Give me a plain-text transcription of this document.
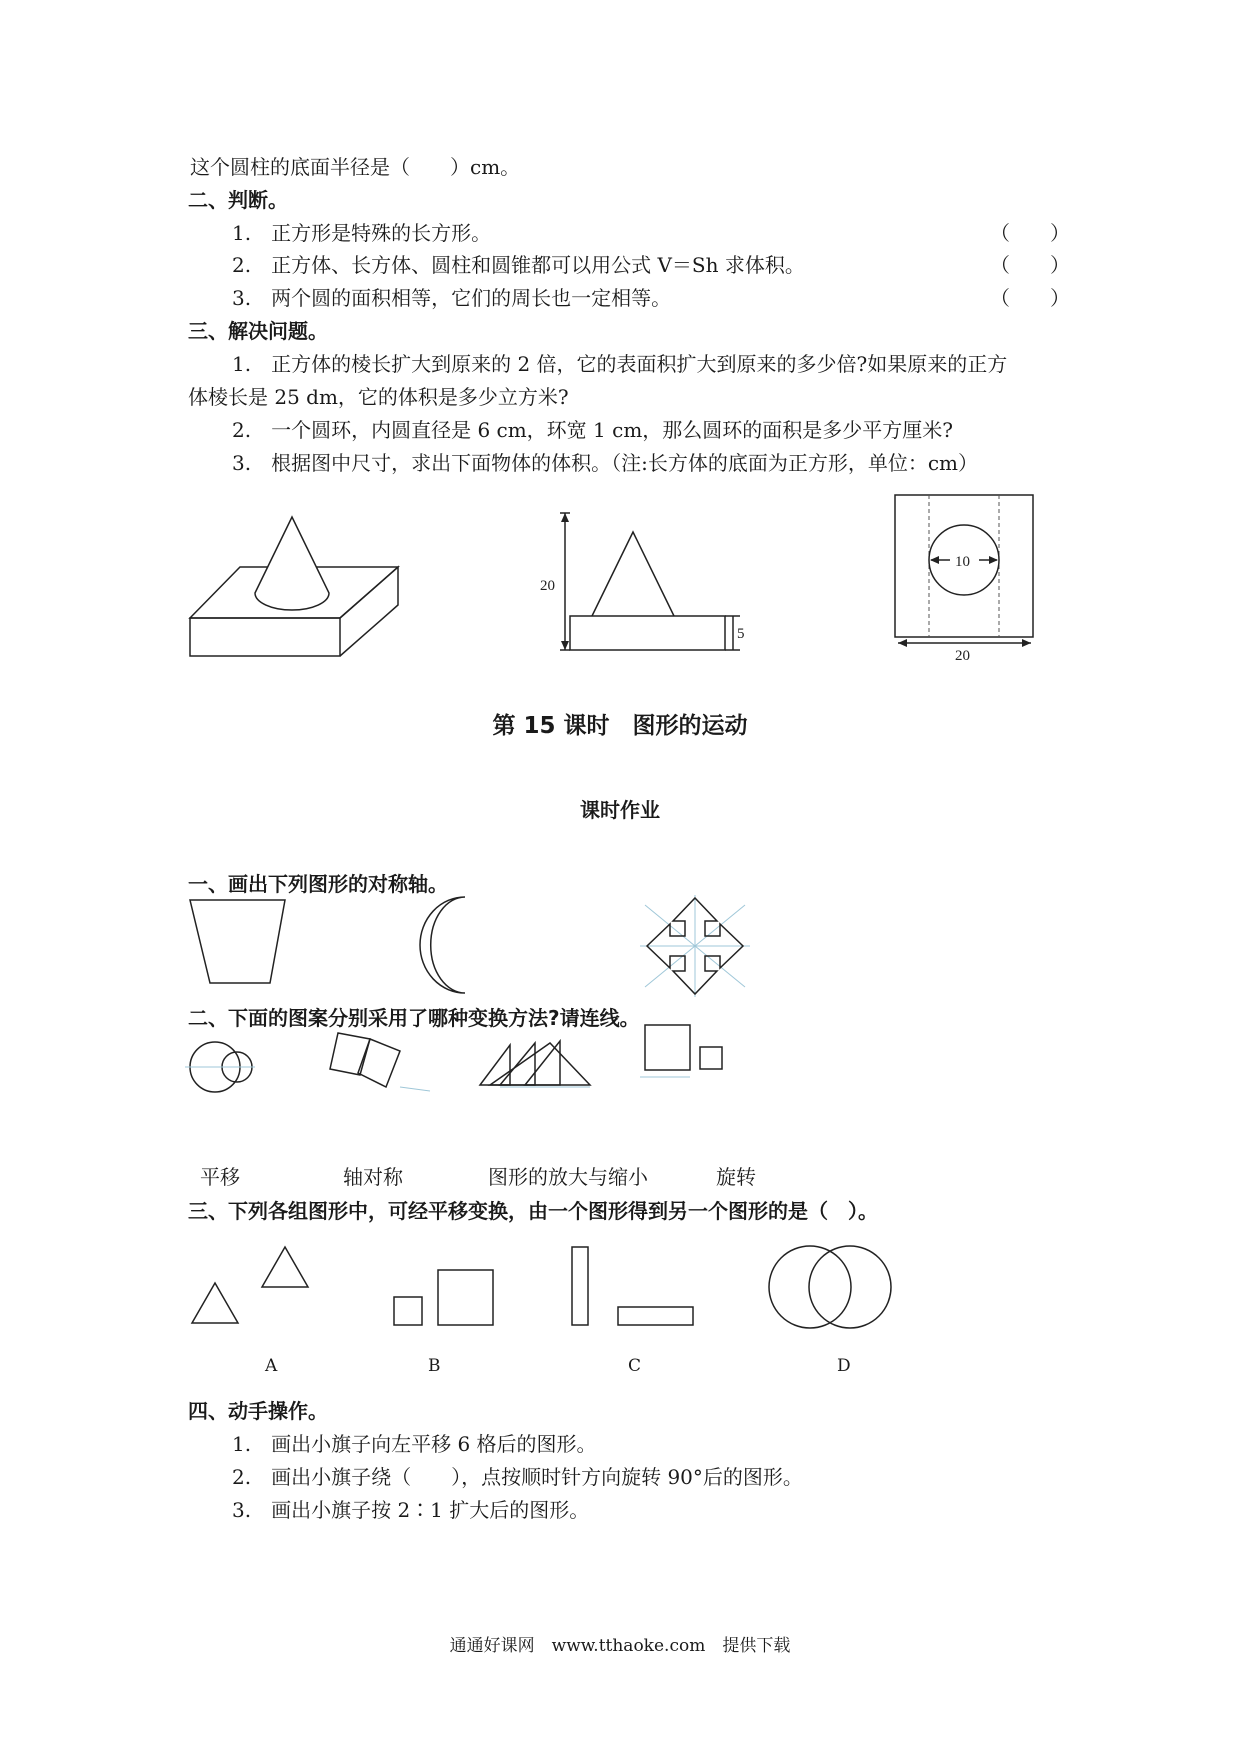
这个圆柱的底面半径是（　　）cm。
二、判断。
1.　正方形是特殊的长方形。	（　　）
2.　正方体、长方体、圆柱和圆锥都可以用公式 V＝Sh 求体积。	（　　）
3.　两个圆的面积相等，它们的周长也一定相等。	（　　）
三、解决问题。
1.　正方体的棱长扩大到原来的 2 倍，它的表面积扩大到原来的多少倍?如果原来的正方
体棱长是 25 dm，它的体积是多少立方米?
2.　一个圆环，内圆直径是 6 cm，环宽 1 cm，那么圆环的面积是多少平方厘米?
3.　根据图中尺寸，求出下面物体的体积。（注:长方体的底面为正方形，单位：cm）
20
5
10
20
第 15 课时　图形的运动
课时作业
一、画出下列图形的对称轴。
二、下面的图案分别采用了哪种变换方法?请连线。
平移	轴对称	图形的放大与缩小	旋转
三、下列各组图形中，可经平移变换，由一个图形得到另一个图形的是（　）。
A	B	C	D
四、动手操作。
1.　画出小旗子向左平移 6 格后的图形。
2.　画出小旗子绕（　　），点按顺时针方向旋转 90°后的图形。
3.　画出小旗子按 2∶1 扩大后的图形。
通通好课网　www.tthaoke.com　提供下载
